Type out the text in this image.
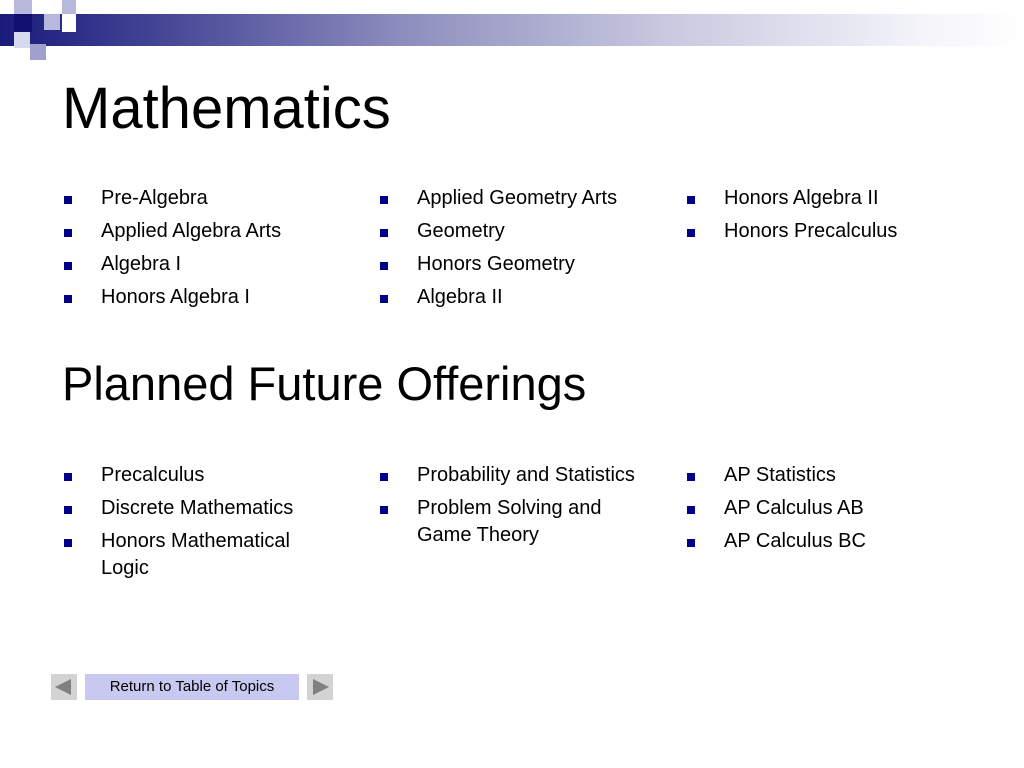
Mathematics
Pre-Algebra
Applied Algebra Arts
Algebra I
Honors Algebra I
Applied Geometry Arts
Geometry
Honors Geometry
Algebra II
Honors Algebra II
Honors Precalculus
Planned Future Offerings
Precalculus
Discrete Mathematics
Honors Mathematical Logic
Probability and Statistics
Problem Solving and Game Theory
AP Statistics
AP Calculus AB
AP Calculus BC
Return to Table of Topics
